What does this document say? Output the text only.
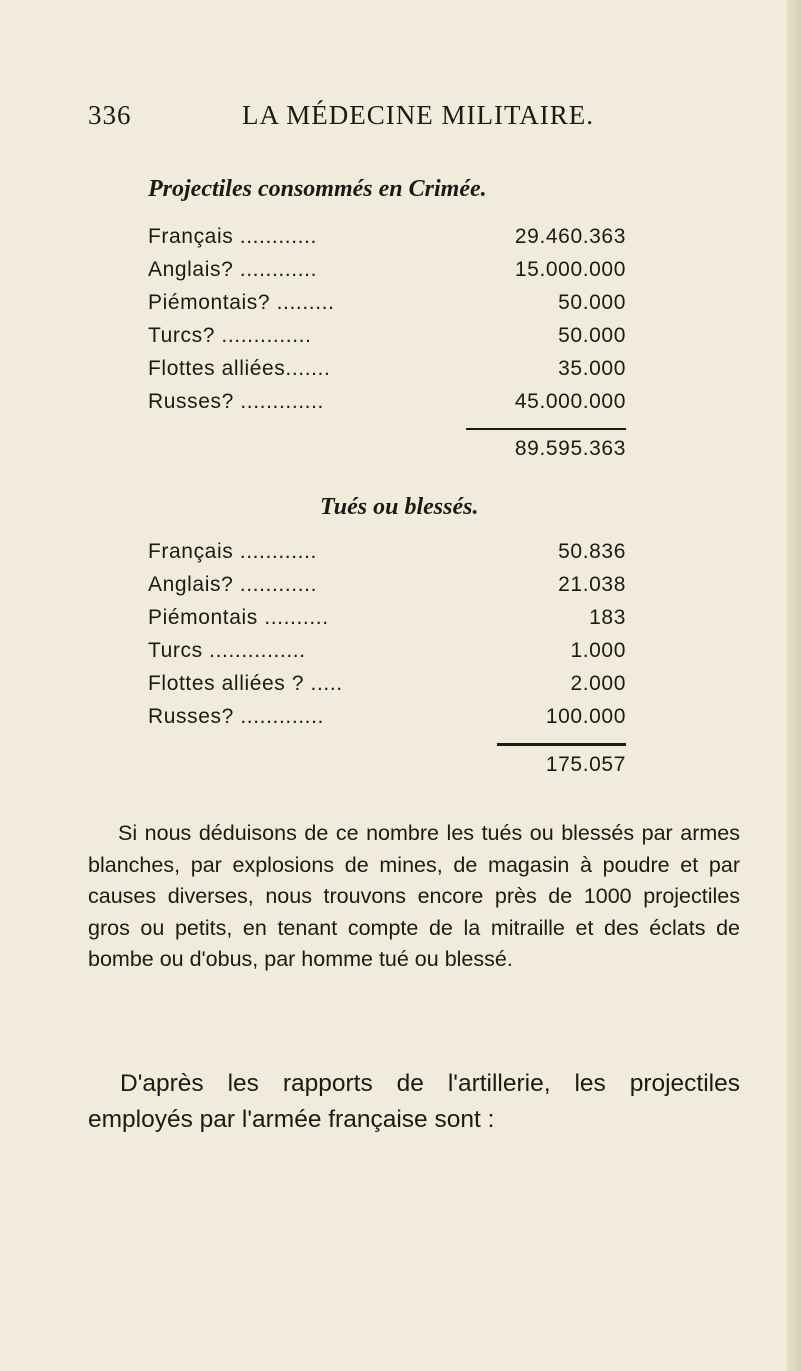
336	LA MÉDECINE MILITAIRE.
Projectiles consommés en Crimée.
Français ............	29.460.363
Anglais? ............	15.000.000
Piémontais? .........	50.000
Turcs? ..............	50.000
Flottes alliées.......	35.000
Russes? .............	45.000.000
89.595.363
Tués ou blessés.
Français ............	50.836
Anglais? ............	21.038
Piémontais ..........	183
Turcs ...............	1.000
Flottes alliées ? .....	2.000
Russes? .............	100.000
175.057

Si nous déduisons de ce nombre les tués ou blessés par armes blanches, par explosions de mines, de magasin à poudre et par causes diverses, nous trouvons encore près de 1000 projectiles gros ou petits, en tenant compte de la mitraille et des éclats de bombe ou d'obus, par homme tué ou blessé.

D'après les rapports de l'artillerie, les projectiles employés par l'armée française sont :
